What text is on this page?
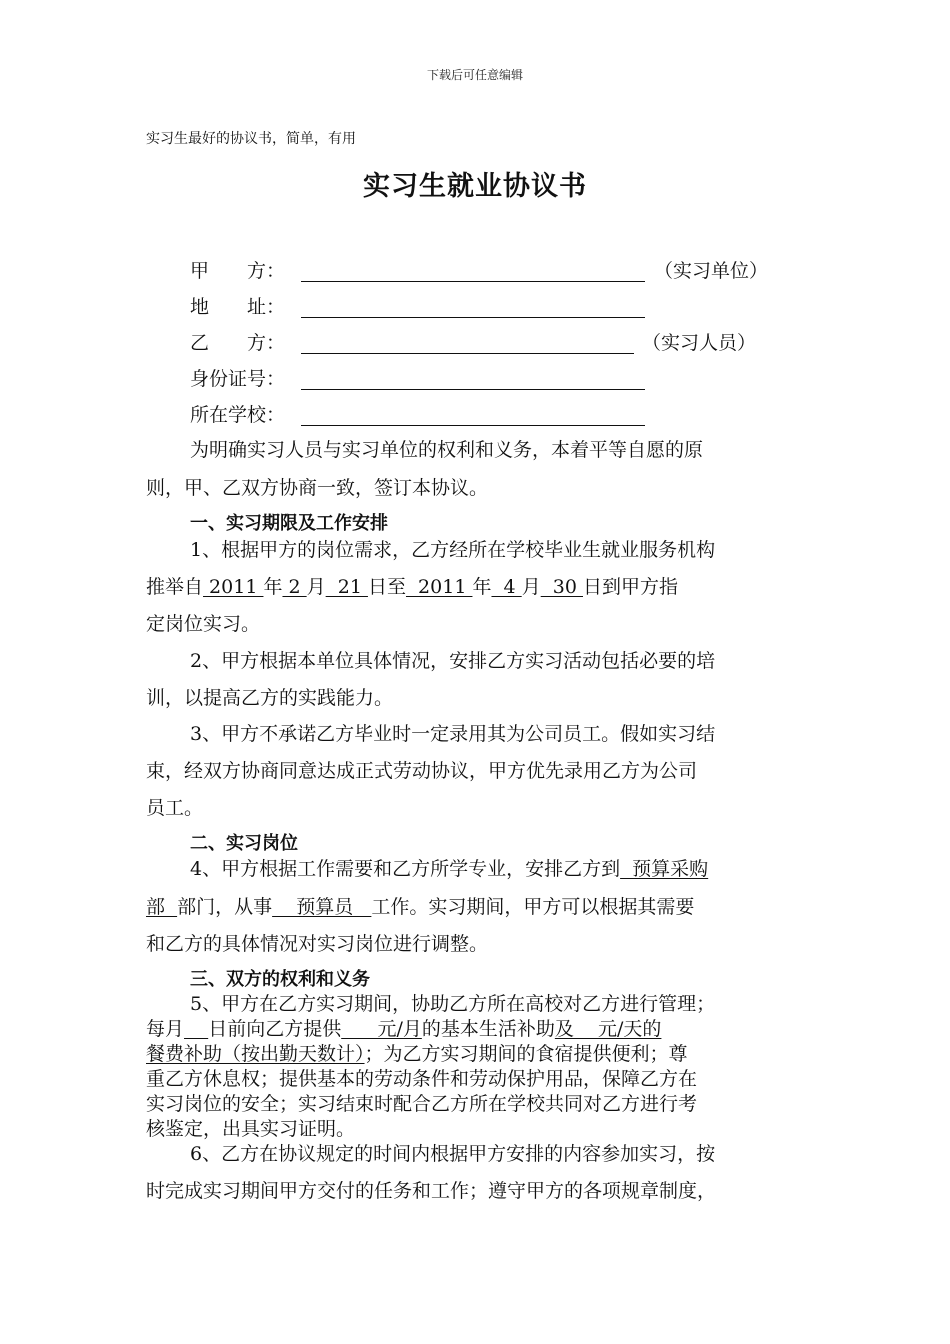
下载后可任意编辑
实习生最好的协议书，简单，有用
实习生就业协议书
甲　　方：	（实习单位）
地　　址：
乙　　方：	（实习人员）
身份证号：
所在学校：
为明确实习人员与实习单位的权利和义务，本着平等自愿的原
则，甲、乙双方协商一致，签订本协议。
一、实习期限及工作安排
1、根据甲方的岗位需求，乙方经所在学校毕业生就业服务机构
推举自 2011 年 2 月  21 日至  2011 年  4 月  30 日到甲方指
定岗位实习。
2、甲方根据本单位具体情况，安排乙方实习活动包括必要的培
训，以提高乙方的实践能力。
3、甲方不承诺乙方毕业时一定录用其为公司员工。假如实习结
束，经双方协商同意达成正式劳动协议，甲方优先录用乙方为公司
员工。
二、实习岗位
4、甲方根据工作需要和乙方所学专业，安排乙方到  预算采购
部  部门，从事    预算员   工作。实习期间，甲方可以根据其需要
和乙方的具体情况对实习岗位进行调整。
三、双方的权利和义务
5、甲方在乙方实习期间，协助乙方所在高校对乙方进行管理；
每月 日前向乙方提供      元/月的基本生活补助及    元/天的
餐费补助（按出勤天数计）；为乙方实习期间的食宿提供便利；尊
重乙方休息权；提供基本的劳动条件和劳动保护用品，保障乙方在
实习岗位的安全；实习结束时配合乙方所在学校共同对乙方进行考
核鉴定，出具实习证明。
6、乙方在协议规定的时间内根据甲方安排的内容参加实习，按
时完成实习期间甲方交付的任务和工作；遵守甲方的各项规章制度，
